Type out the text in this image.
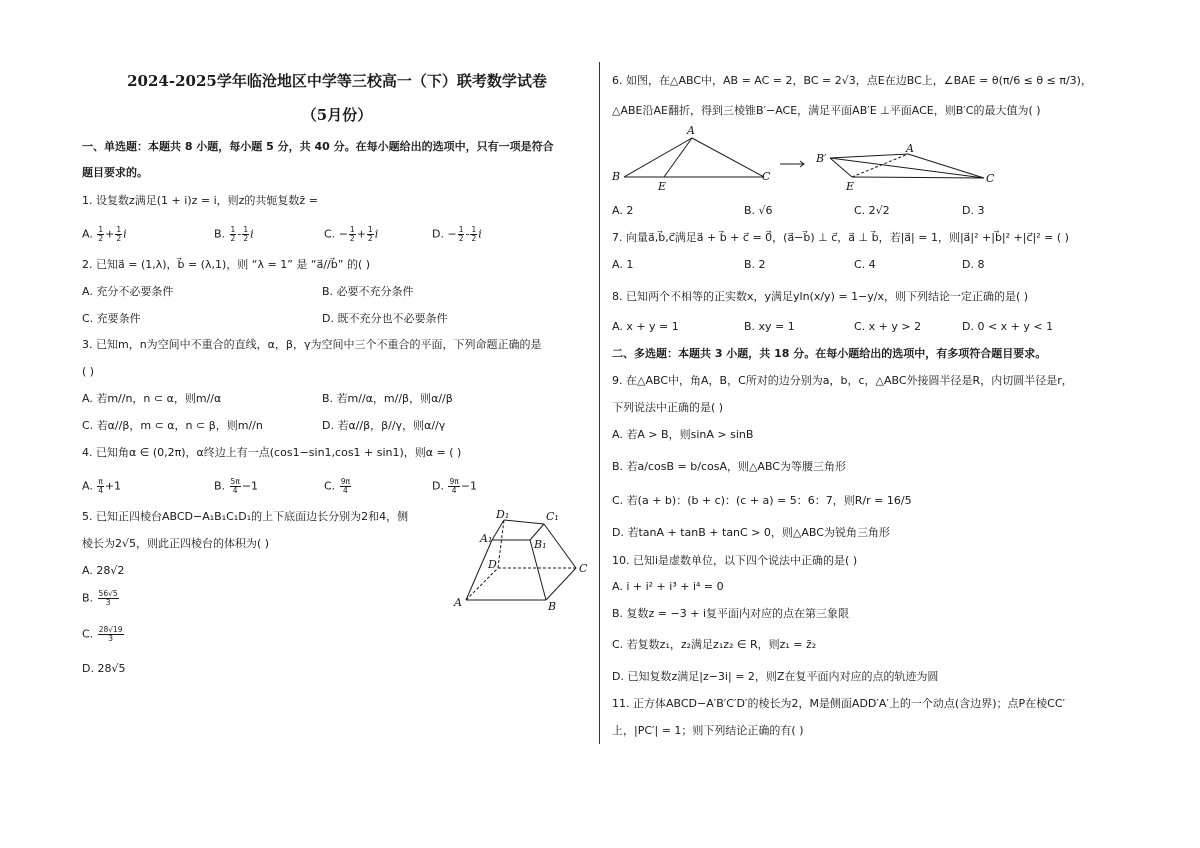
2024-2025学年临沧地区中学等三校高一（下）联考数学试卷
（5月份）
一、单选题：本题共 8 小题，每小题 5 分，共 40 分。在每小题给出的选项中，只有一项是符合
题目要求的。
1. 设复数z满足(1 + i)z = i，则z的共轭复数z̄ =
A. $\frac{1}{2} + \frac{1}{2}$ i	B. $\frac{1}{2} - \frac{1}{2}$ i	C. − $\frac{1}{2} + \frac{1}{2}$ i	D. − $\frac{1}{2} - \frac{1}{2}$ i
2. 已知a⃗ = (1,λ)，b⃗ = (λ,1)，则 “λ = 1” 是 “a⃗//b⃗” 的( )
A. 充分不必要条件	B. 必要不充分条件
C. 充要条件	D. 既不充分也不必要条件
3. 已知m，n为空间中不重合的直线，α，β，γ为空间中三个不重合的平面，下列命题正确的是
( )
A. 若m//n，n ⊂ α，则m//α	B. 若m//α，m//β，则α//β
C. 若α//β，m ⊂ α，n ⊂ β，则m//n	D. 若α//β，β//γ，则α//γ
4. 已知角α ∈ (0,2π)，α终边上有一点(cos1−sin1,cos1 + sin1)，则α = ( )
A. $\frac{\pi}{4} +1$	B. $\frac{5\pi}{4} -1$	C. $\frac{9\pi}{4}$	D. $\frac{9\pi}{4} -1$
5. 已知正四棱台ABCD−A₁B₁C₁D₁的上下底面边长分别为2和4，侧
棱长为2√5，则此正四棱台的体积为( )
A. 28√2
B. $\frac{56√5}{3}$
C. $\frac{28√19}{3}$
D. 28√5
D₁	C₁
A₁	B₁
D	C
A	B
6. 如图，在△ABC中，AB = AC = 2，BC = 2√3，点E在边BC上，∠BAE = θ(π/6 ≤ θ ≤ π/3)，
△ABE沿AE翻折，得到三棱锥B′−ACE，满足平面AB′E ⊥平面ACE，则B′C的最大值为( )
A
B
E
C
B′
A
E
C
A. 2	B. √6	C. 2√2	D. 3
7. 向量a⃗,b⃗,c⃗满足a⃗ + b⃗ + c⃗ = 0⃗，(a⃗−b⃗) ⊥ c⃗，a⃗ ⊥ b⃗，若|a⃗| = 1，则|a⃗|² +|b⃗|² +|c⃗|² = ( )
A. 1	B. 2	C. 4	D. 8
8. 已知两个不相等的正实数x，y满足yln(x/y) = 1−y/x，则下列结论一定正确的是( )
A. x + y = 1	B. xy = 1	C. x + y > 2	D. 0 < x + y < 1
二、多选题：本题共 3 小题，共 18 分。在每小题给出的选项中，有多项符合题目要求。
9. 在△ABC中，角A，B，C所对的边分别为a，b，c，△ABC外接圆半径是R，内切圆半径是r，
下列说法中正确的是( )
A. 若A > B，则sinA > sinB
B. 若a/cosB = b/cosA，则△ABC为等腰三角形
C. 若(a + b)：(b + c)：(c + a) = 5：6：7，则R/r = 16/5
D. 若tanA + tanB + tanC > 0，则△ABC为锐角三角形
10. 已知i是虚数单位，以下四个说法中正确的是( )
A. i + i² + i³ + i⁴ = 0
B. 复数z = −3 + i复平面内对应的点在第三象限
C. 若复数z₁，z₂满足z₁z₂ ∈ R，则z₁ = z̄₂
D. 已知复数z满足|z−3i| = 2，则Z在复平面内对应的点的轨迹为圆
11. 正方体ABCD−A′B′C′D′的棱长为2，M是侧面ADD′A′上的一个动点(含边界)；点P在棱CC′
上，|PC′| = 1；则下列结论正确的有( )
